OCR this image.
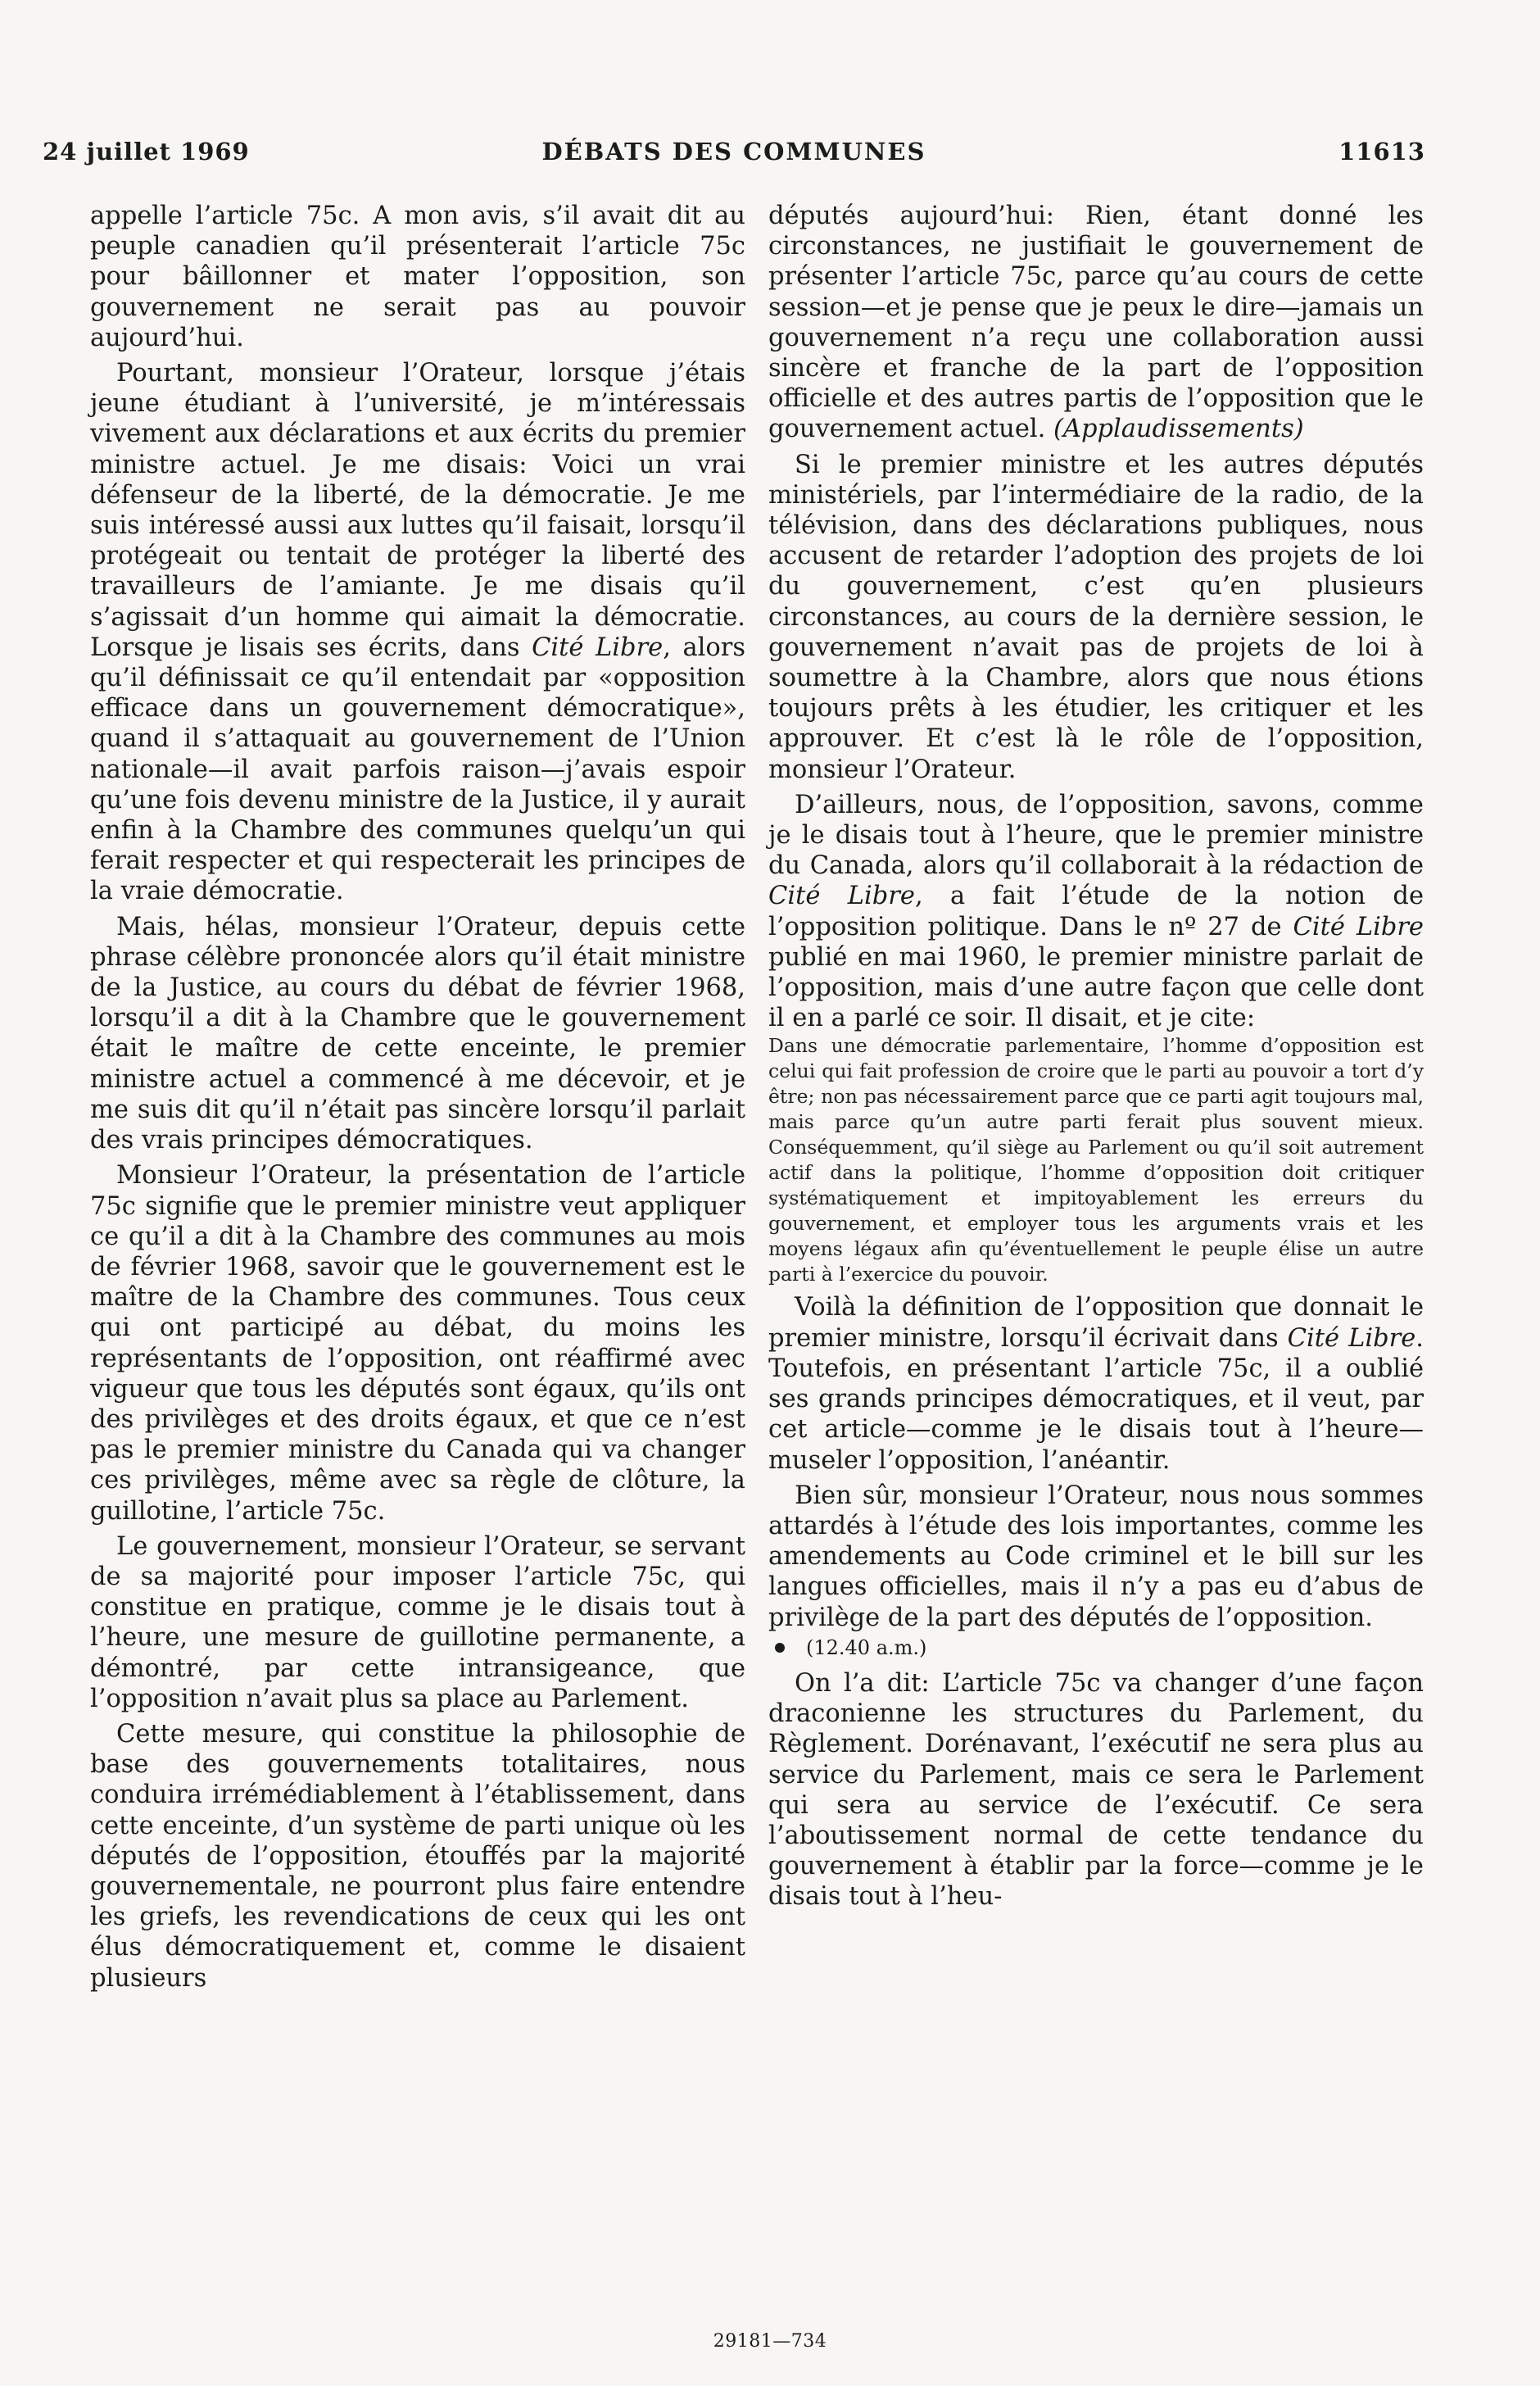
24 juillet 1969	DÉBATS DES COMMUNES	11613

appelle l’article 75c. A mon avis, s’il avait dit au peuple canadien qu’il présenterait l’article 75c pour bâillonner et mater l’opposition, son gouvernement ne serait pas au pouvoir aujourd’hui.

Pourtant, monsieur l’Orateur, lorsque j’étais jeune étudiant à l’université, je m’intéressais vivement aux déclarations et aux écrits du premier ministre actuel. Je me disais: Voici un vrai défenseur de la liberté, de la démocratie. Je me suis intéressé aussi aux luttes qu’il faisait, lorsqu’il protégeait ou tentait de protéger la liberté des travailleurs de l’amiante. Je me disais qu’il s’agissait d’un homme qui aimait la démocratie. Lorsque je lisais ses écrits, dans Cité Libre, alors qu’il définissait ce qu’il entendait par «opposition efficace dans un gouvernement démocratique», quand il s’attaquait au gouvernement de l’Union nationale—il avait parfois raison—j’avais espoir qu’une fois devenu ministre de la Justice, il y aurait enfin à la Chambre des communes quelqu’un qui ferait respecter et qui respecterait les principes de la vraie démocratie.

Mais, hélas, monsieur l’Orateur, depuis cette phrase célèbre prononcée alors qu’il était ministre de la Justice, au cours du débat de février 1968, lorsqu’il a dit à la Chambre que le gouvernement était le maître de cette enceinte, le premier ministre actuel a commencé à me décevoir, et je me suis dit qu’il n’était pas sincère lorsqu’il parlait des vrais principes démocratiques.

Monsieur l’Orateur, la présentation de l’article 75c signifie que le premier ministre veut appliquer ce qu’il a dit à la Chambre des communes au mois de février 1968, savoir que le gouvernement est le maître de la Chambre des communes. Tous ceux qui ont participé au débat, du moins les représentants de l’opposition, ont réaffirmé avec vigueur que tous les députés sont égaux, qu’ils ont des privilèges et des droits égaux, et que ce n’est pas le premier ministre du Canada qui va changer ces privilèges, même avec sa règle de clôture, la guillotine, l’article 75c.

Le gouvernement, monsieur l’Orateur, se servant de sa majorité pour imposer l’article 75c, qui constitue en pratique, comme je le disais tout à l’heure, une mesure de guillotine permanente, a démontré, par cette intransigeance, que l’opposition n’avait plus sa place au Parlement.

Cette mesure, qui constitue la philosophie de base des gouvernements totalitaires, nous conduira irrémédiablement à l’établissement, dans cette enceinte, d’un système de parti unique où les députés de l’opposition, étouffés par la majorité gouvernementale, ne pourront plus faire entendre les griefs, les revendications de ceux qui les ont élus démocratiquement et, comme le disaient plusieurs

députés aujourd’hui: Rien, étant donné les circonstances, ne justifiait le gouvernement de présenter l’article 75c, parce qu’au cours de cette session—et je pense que je peux le dire—jamais un gouvernement n’a reçu une collaboration aussi sincère et franche de la part de l’opposition officielle et des autres partis de l’opposition que le gouvernement actuel. (Applaudissements)

Si le premier ministre et les autres députés ministériels, par l’intermédiaire de la radio, de la télévision, dans des déclarations publiques, nous accusent de retarder l’adoption des projets de loi du gouvernement, c’est qu’en plusieurs circonstances, au cours de la dernière session, le gouvernement n’avait pas de projets de loi à soumettre à la Chambre, alors que nous étions toujours prêts à les étudier, les critiquer et les approuver. Et c’est là le rôle de l’opposition, monsieur l’Orateur.

D’ailleurs, nous, de l’opposition, savons, comme je le disais tout à l’heure, que le premier ministre du Canada, alors qu’il collaborait à la rédaction de Cité Libre, a fait l’étude de la notion de l’opposition politique. Dans le nº 27 de Cité Libre publié en mai 1960, le premier ministre parlait de l’opposition, mais d’une autre façon que celle dont il en a parlé ce soir. Il disait, et je cite:

Dans une démocratie parlementaire, l’homme d’opposition est celui qui fait profession de croire que le parti au pouvoir a tort d’y être; non pas nécessairement parce que ce parti agit toujours mal, mais parce qu’un autre parti ferait plus souvent mieux. Conséquemment, qu’il siège au Parlement ou qu’il soit autrement actif dans la politique, l’homme d’opposition doit critiquer systématiquement et impitoyablement les erreurs du gouvernement, et employer tous les arguments vrais et les moyens légaux afin qu’éventuellement le peuple élise un autre parti à l’exercice du pouvoir.

Voilà la définition de l’opposition que donnait le premier ministre, lorsqu’il écrivait dans Cité Libre. Toutefois, en présentant l’article 75c, il a oublié ses grands principes démocratiques, et il veut, par cet article—comme je le disais tout à l’heure—museler l’opposition, l’anéantir.

Bien sûr, monsieur l’Orateur, nous nous sommes attardés à l’étude des lois importantes, comme les amendements au Code criminel et le bill sur les langues officielles, mais il n’y a pas eu d’abus de privilège de la part des députés de l’opposition.

(12.40 a.m.)

On l’a dit: L’article 75c va changer d’une façon draconienne les structures du Parlement, du Règlement. Dorénavant, l’exécutif ne sera plus au service du Parlement, mais ce sera le Parlement qui sera au service de l’exécutif. Ce sera l’aboutissement normal de cette tendance du gouvernement à établir par la force—comme je le disais tout à l’heu-

29181—734
